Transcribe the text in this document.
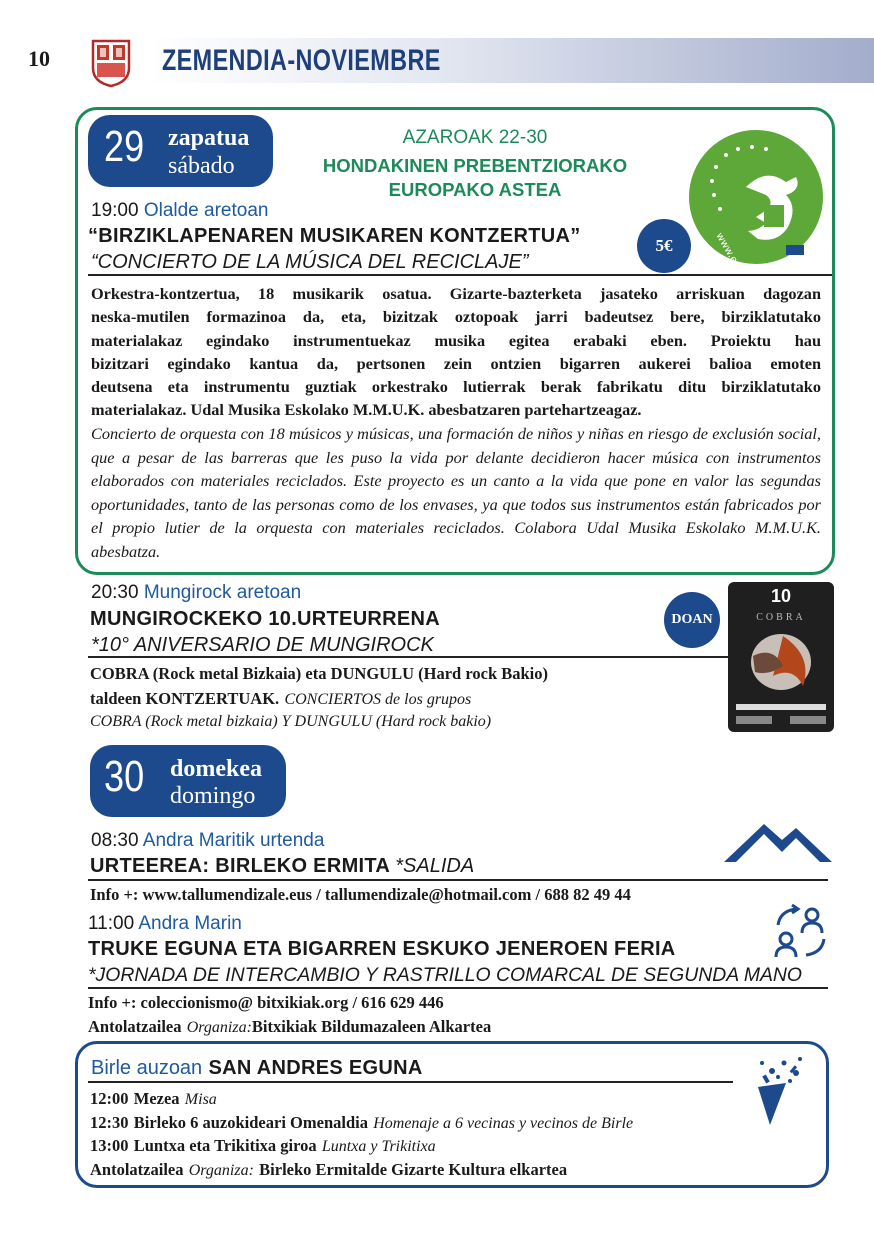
10	ZEMENDIA-NOVIEMBRE
29 zapatua
sábado
AZAROAK 22-30
HONDAKINEN PREBENTZIORAKO
EUROPAKO ASTEA
19:00 Olalde aretoan
“BIRZIKLAPENAREN MUSIKAREN KONTZERTUA”
“CONCIERTO DE LA MÚSICA DEL RECICLAJE”
5€
Orkestra-kontzertua, 18 musikarik osatua. Gizarte-bazterketa jasateko arriskuan dagozan
neska-mutilen formazinoa da, eta, bizitzak oztopoak jarri badeutsez bere, birziklatutako
materialakaz egindako instrumentuekaz musika egitea erabaki eben. Proiektu hau
bizitzari egindako kantua da, pertsonen zein ontzien bigarren aukerei balioa emoten
deutsena eta instrumentu guztiak orkestrako lutierrak berak fabrikatu ditu birziklatutako
materialakaz. Udal Musika Eskolako M.M.U.K. abesbatzaren partehartzeagaz.
Concierto de orquesta con 18 músicos y músicas, una formación de niños y niñas en riesgo de exclusión social, que a pesar de las barreras que les puso la vida por delante decidieron hacer música con instrumentos elaborados con materiales reciclados. Este proyecto es un canto a la vida que pone en valor las segundas oportunidades, tanto de las personas como de los envases, ya que todos sus instrumentos están fabricados por el propio lutier de la orquesta con materiales reciclados. Colabora Udal Musika Eskolako M.M.U.K. abesbatza.
20:30 Mungirock aretoan
MUNGIROCKEKO 10.URTEURRENA
*10° ANIVERSARIO DE MUNGIROCK
DOAN
COBRA (Rock metal Bizkaia) eta DUNGULU (Hard rock Bakio)
taldeen KONTZERTUAK. CONCIERTOS de los grupos
COBRA (Rock metal bizkaia) Y DUNGULU (Hard rock bakio)
10
COBRA
30 domekea
domingo
08:30 Andra Maritik urtenda
URTEEREA: BIRLEKO ERMITA *SALIDA
Info +: www.tallumendizale.eus / tallumendizale@hotmail.com / 688 82 49 44
11:00 Andra Marin
TRUKE EGUNA ETA BIGARREN ESKUKO JENEROEN FERIA
*JORNADA DE INTERCAMBIO Y RASTRILLO COMARCAL DE SEGUNDA MANO
Info +: coleccionismo@ bitxikiak.org / 616 629 446
Antolatzailea Organiza:Bitxikiak Bildumazaleen Alkartea
Birle auzoan SAN ANDRES EGUNA
12:00 Mezea Misa
12:30 Birleko 6 auzokideari Omenaldia Homenaje a 6 vecinas y vecinos de Birle
13:00 Luntxa eta Trikitixa giroa Luntxa y Trikitixa
Antolatzailea Organiza: Birleko Ermitalde Gizarte Kultura elkartea
